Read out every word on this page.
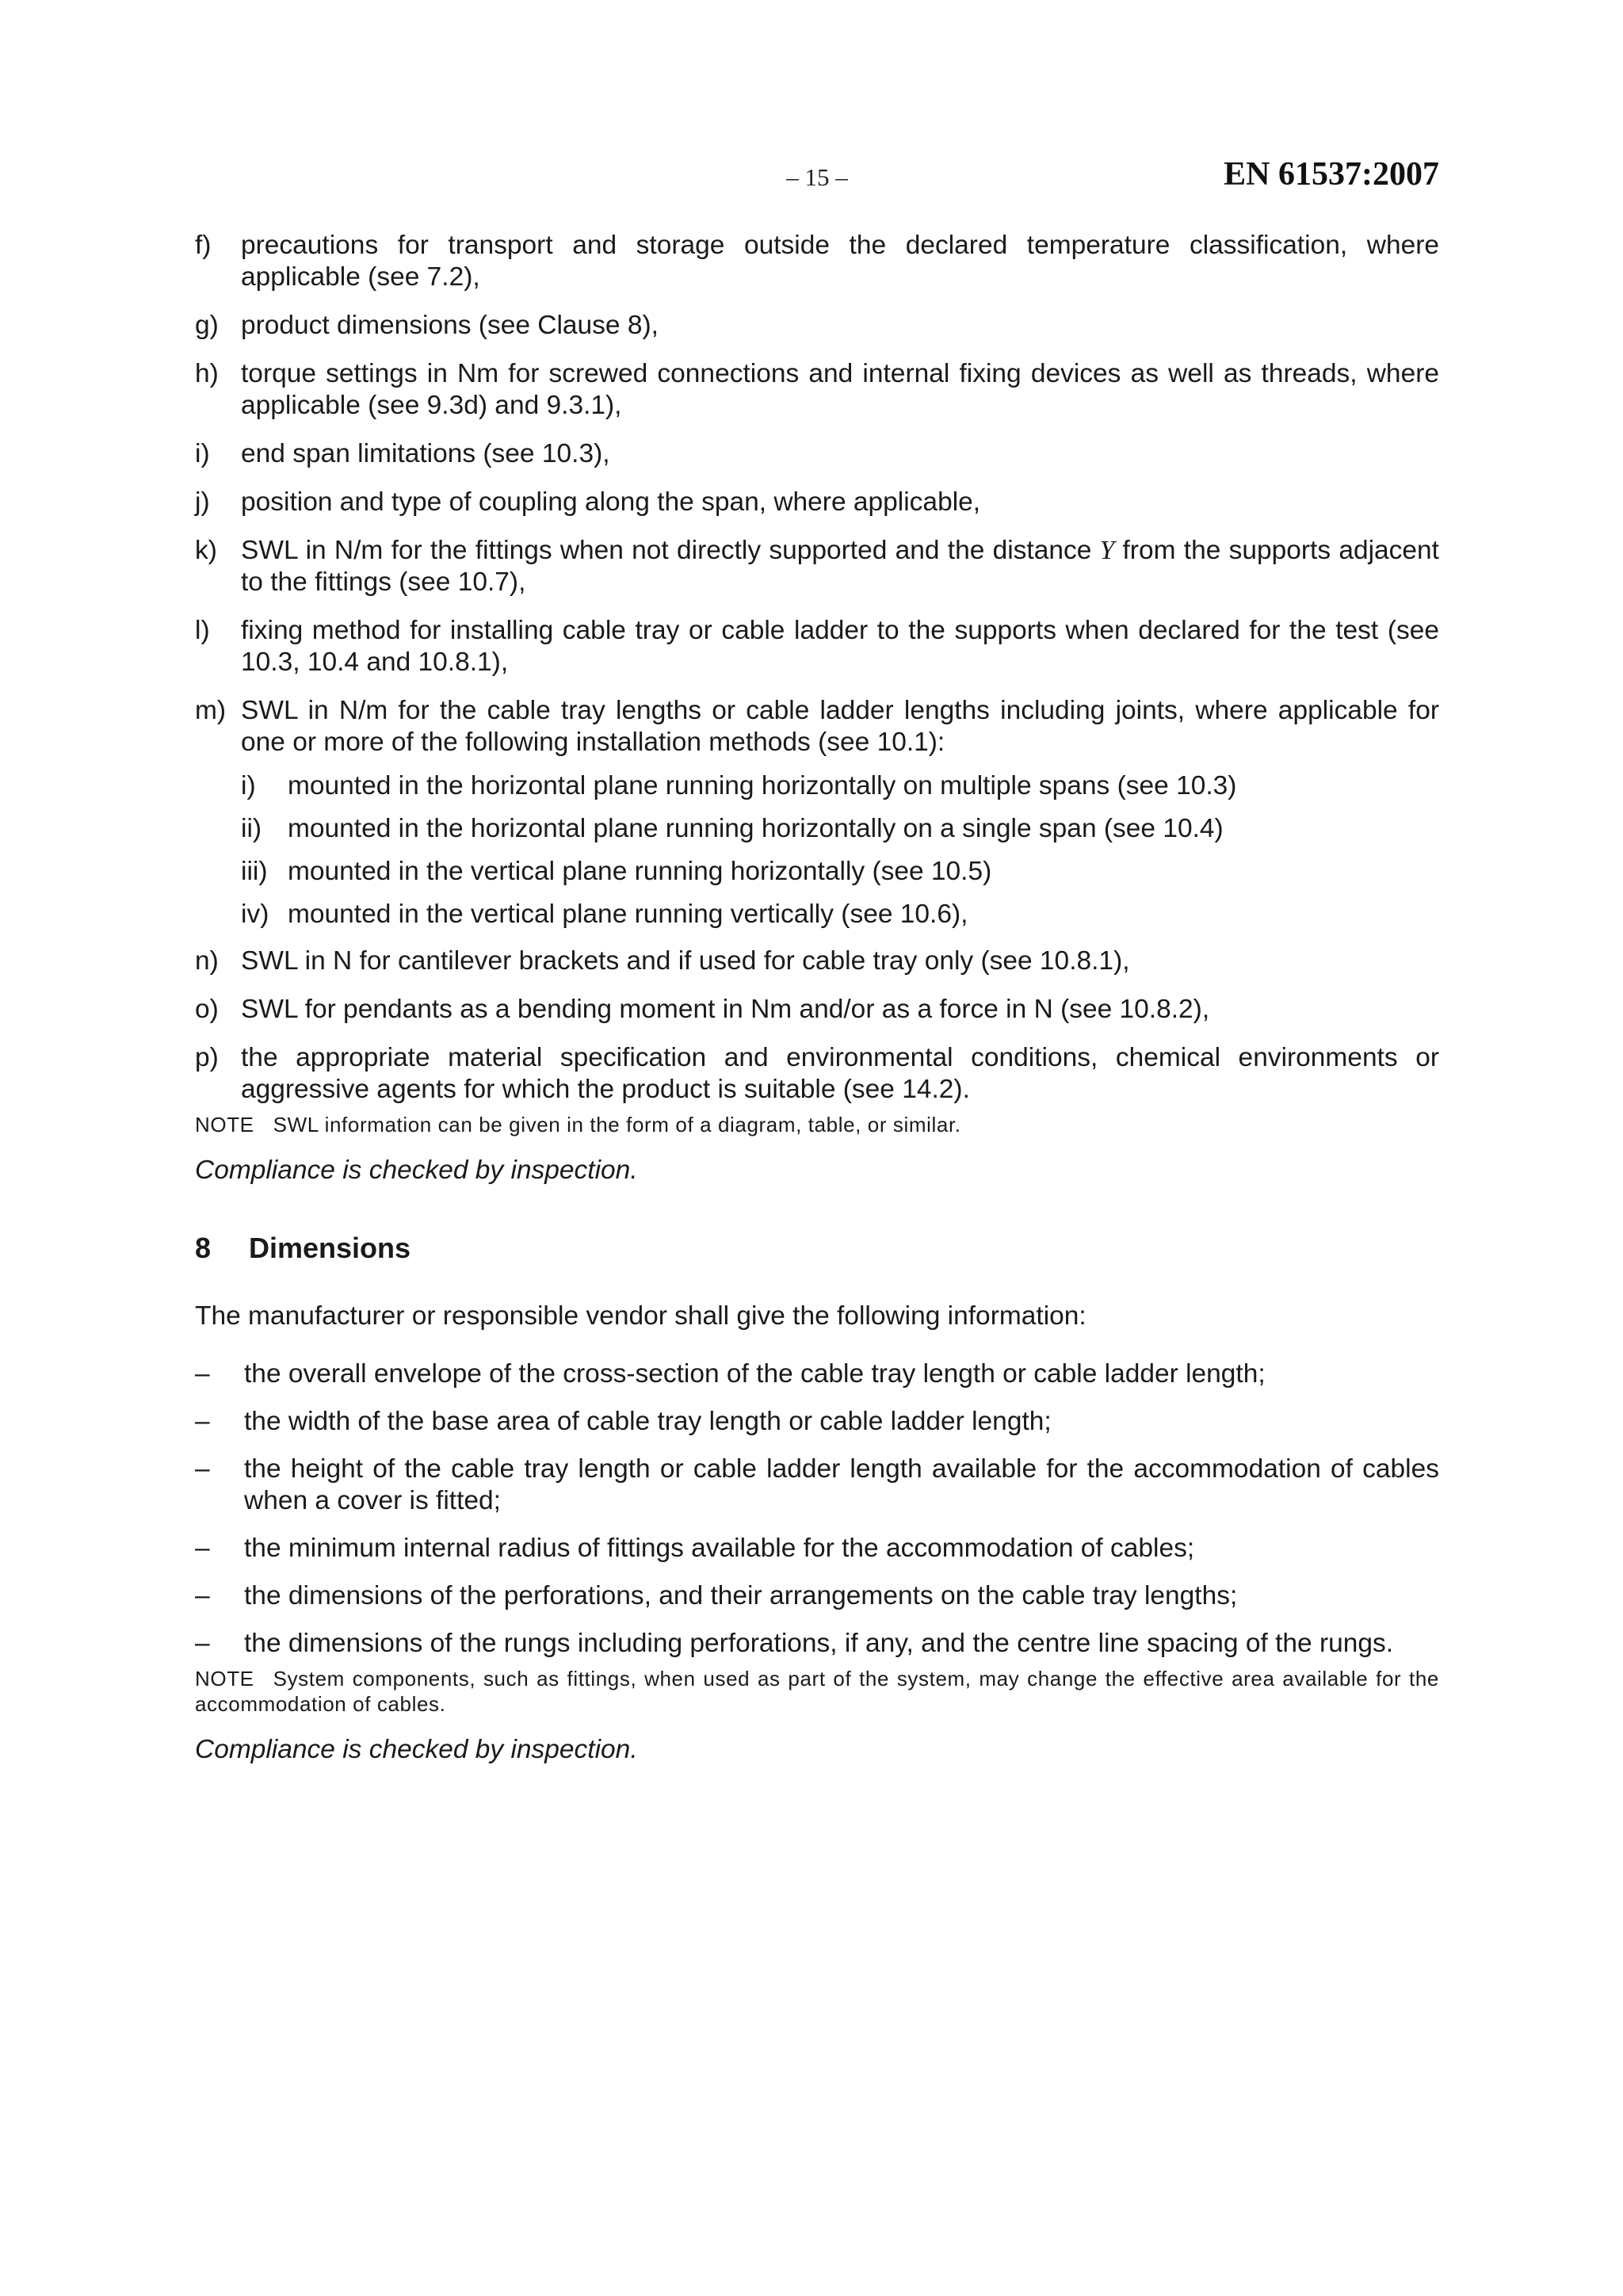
– 15 –	EN 61537:2007
f)	precautions for transport and storage outside the declared temperature classification, where applicable (see 7.2),
g) product dimensions (see Clause 8),
h) torque settings in Nm for screwed connections and internal fixing devices as well as threads, where applicable (see 9.3d) and 9.3.1),
i)	end span limitations (see 10.3),
j)	position and type of coupling along the span, where applicable,
k) SWL in N/m for the fittings when not directly supported and the distance Y from the supports adjacent to the fittings (see 10.7),
l)	fixing method for installing cable tray or cable ladder to the supports when declared for the test (see 10.3, 10.4 and 10.8.1),
m) SWL in N/m for the cable tray lengths or cable ladder lengths including joints, where applicable for one or more of the following installation methods (see 10.1):
i)	mounted in the horizontal plane running horizontally on multiple spans (see 10.3)
ii) mounted in the horizontal plane running horizontally on a single span (see 10.4)
iii) mounted in the vertical plane running horizontally (see 10.5)
iv) mounted in the vertical plane running vertically (see 10.6),
n) SWL in N for cantilever brackets and if used for cable tray only (see 10.8.1),
o) SWL for pendants as a bending moment in Nm and/or as a force in N (see 10.8.2),
p) the appropriate material specification and environmental conditions, chemical environments or aggressive agents for which the product is suitable (see 14.2).
NOTE SWL information can be given in the form of a diagram, table, or similar.
Compliance is checked by inspection.
8	Dimensions

The manufacturer or responsible vendor shall give the following information:

–	the overall envelope of the cross-section of the cable tray length or cable ladder length;
–	the width of the base area of cable tray length or cable ladder length;
–	the height of the cable tray length or cable ladder length available for the accommodation of cables when a cover is fitted;
–	the minimum internal radius of fittings available for the accommodation of cables;
–	the dimensions of the perforations, and their arrangements on the cable tray lengths;
–	the dimensions of the rungs including perforations, if any, and the centre line spacing of the rungs.
NOTE System components, such as fittings, when used as part of the system, may change the effective area available for the accommodation of cables.
Compliance is checked by inspection.
